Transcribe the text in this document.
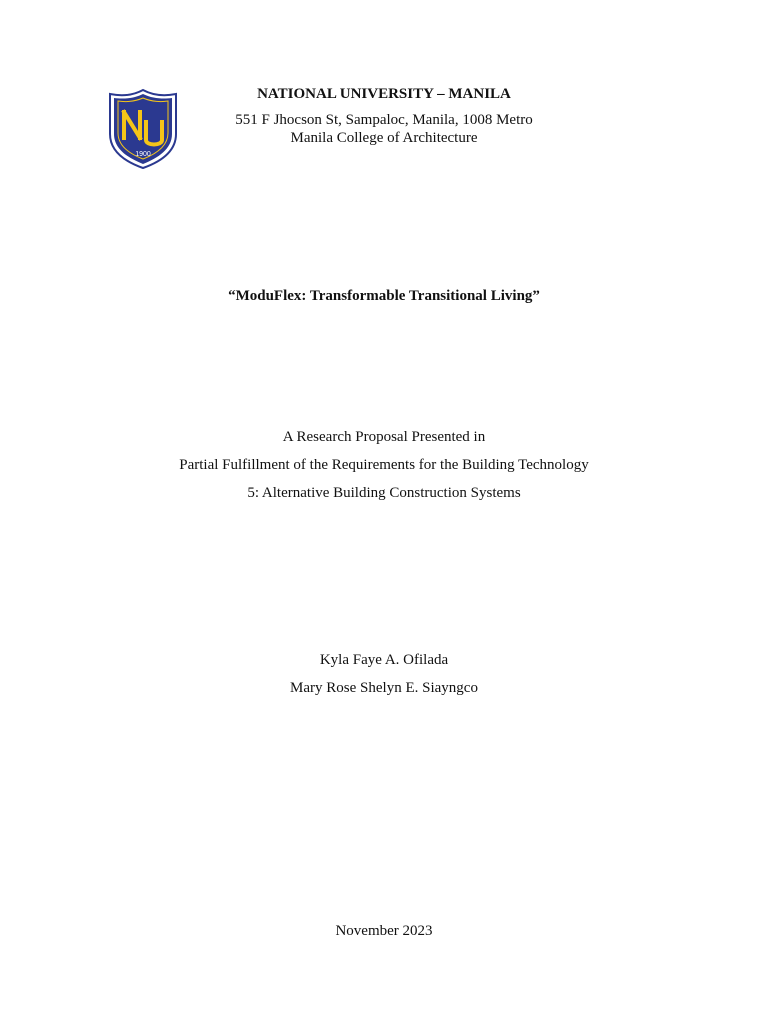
1900
NATIONAL UNIVERSITY – MANILA
551 F Jhocson St, Sampaloc, Manila, 1008 Metro
Manila College of Architecture
“ModuFlex: Transformable Transitional Living”
A Research Proposal Presented in
Partial Fulfillment of the Requirements for the Building Technology
5: Alternative Building Construction Systems
Kyla Faye A. Ofilada
Mary Rose Shelyn E. Siayngco
November 2023
